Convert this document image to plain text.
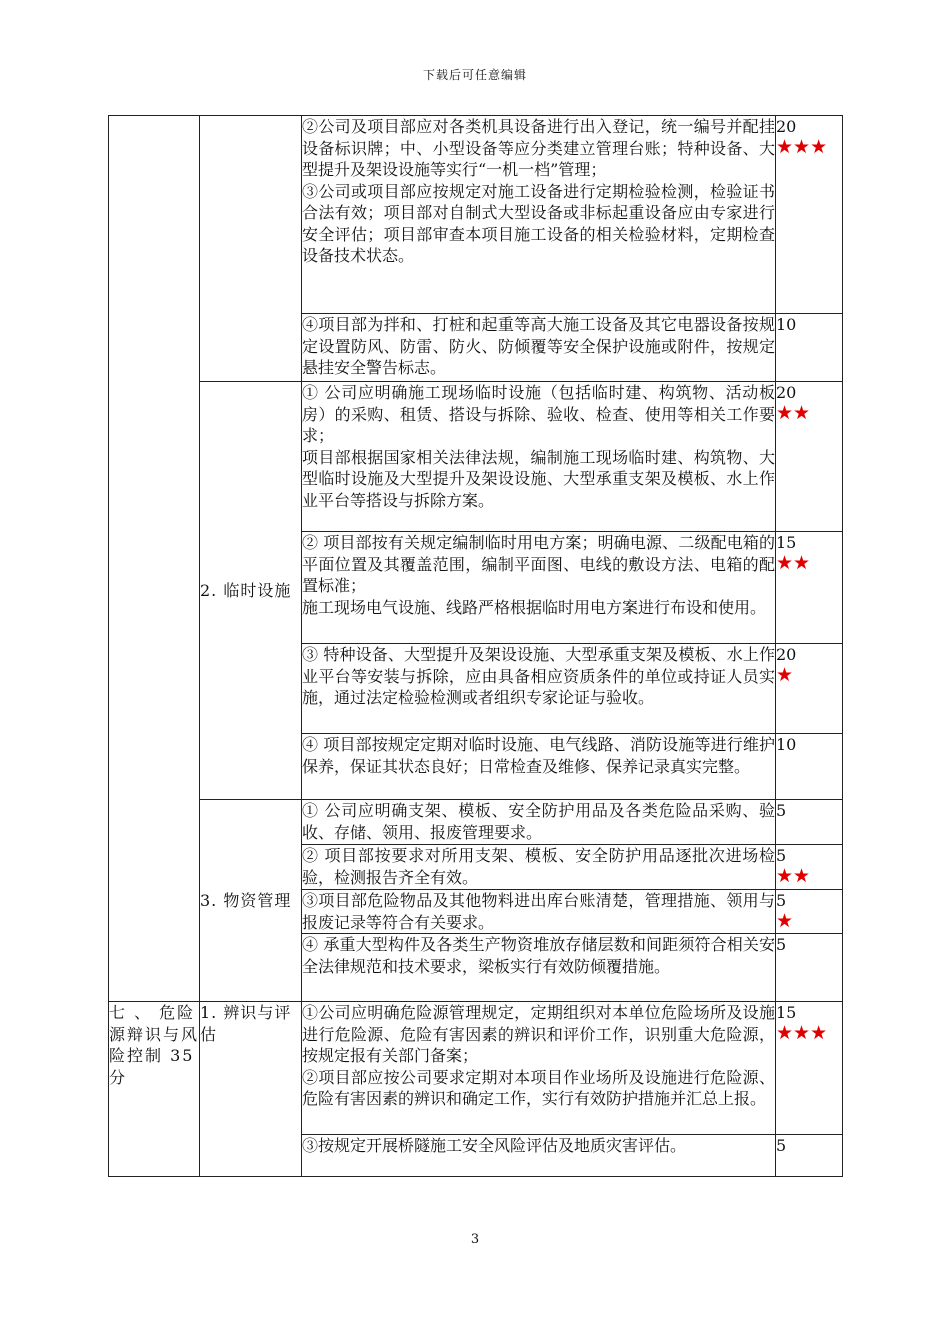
下载后可任意编辑

		②公司及项目部应对各类机具设备进行出入登记，统一编号并配挂设备标识牌；中、小型设备等应分类建立管理台账；特种设备、大型提升及架设设施等实行“一机一档”管理；
③公司或项目部应按规定对施工设备进行定期检验检测，检验证书合法有效；项目部对自制式大型设备或非标起重设备应由专家进行安全评估；项目部审查本项目施工设备的相关检验材料，定期检查设备技术状态。	20
★★★

		④项目部为拌和、打桩和起重等高大施工设备及其它电器设备按规定设置防风、防雷、防火、防倾覆等安全保护设施或附件，按规定悬挂安全警告标志。	10

	2. 临时设施	① 公司应明确施工现场临时设施（包括临时建、构筑物、活动板房）的采购、租赁、搭设与拆除、验收、检查、使用等相关工作要求；
项目部根据国家相关法律法规，编制施工现场临时建、构筑物、大型临时设施及大型提升及架设设施、大型承重支架及模板、水上作业平台等搭设与拆除方案。	20
★★

		② 项目部按有关规定编制临时用电方案；明确电源、二级配电箱的平面位置及其覆盖范围，编制平面图、电线的敷设方法、电箱的配置标准；
施工现场电气设施、线路严格根据临时用电方案进行布设和使用。	15
★★

		③ 特种设备、大型提升及架设设施、大型承重支架及模板、水上作业平台等安装与拆除，应由具备相应资质条件的单位或持证人员实施，通过法定检验检测或者组织专家论证与验收。	20
★

		④ 项目部按规定定期对临时设施、电气线路、消防设施等进行维护保养，保证其状态良好；日常检查及维修、保养记录真实完整。	10

	3. 物资管理	① 公司应明确支架、模板、安全防护用品及各类危险品采购、验收、存储、领用、报废管理要求。	5

		② 项目部按要求对所用支架、模板、安全防护用品逐批次进场检验，检测报告齐全有效。	5
★★

		③项目部危险物品及其他物料进出库台账清楚，管理措施、领用与报废记录等符合有关要求。	5
★

		④ 承重大型构件及各类生产物资堆放存储层数和间距须符合相关安全法律规范和技术要求，梁板实行有效防倾覆措施。	5

七 、 危险源辩识与风险控制 35分	1. 辨识与评估	①公司应明确危险源管理规定，定期组织对本单位危险场所及设施进行危险源、危险有害因素的辨识和评价工作，识别重大危险源，按规定报有关部门备案；
②项目部应按公司要求定期对本项目作业场所及设施进行危险源、危险有害因素的辨识和确定工作，实行有效防护措施并汇总上报。	15
★★★

		③按规定开展桥隧施工安全风险评估及地质灾害评估。	5
3
